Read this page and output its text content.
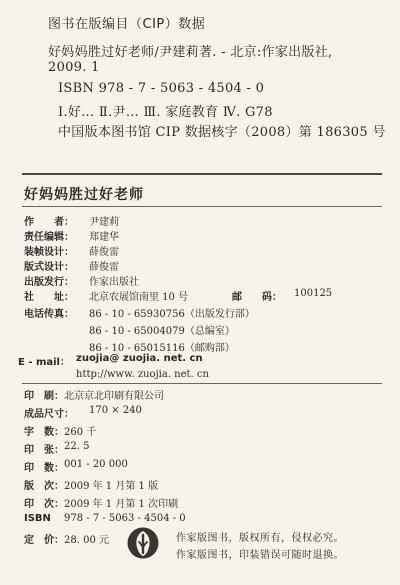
图书在版编目（CIP）数据
好妈妈胜过好老师/尹建莉著. - 北京:作家出版社,
2009. 1
ISBN 978 - 7 - 5063 - 4504 - 0
Ⅰ.好… Ⅱ.尹… Ⅲ. 家庭教育 Ⅳ. G78
中国版本图书馆 CIP 数据核字（2008）第 186305 号
好妈妈胜过好老师
作　　者： 尹建莉
责任编辑： 郑建华
装帧设计： 薛俊雷
版式设计： 薛俊雷
出版发行： 作家出版社
社　　址： 北京农展馆南里 10 号	邮　　码： 100125
电话传真： 86 - 10 - 65930756（出版发行部）
86 - 10 - 65004079（总编室）
86 - 10 - 65015116（邮购部）
E - mail： zuojia@ zuojia. net. cn
http://www. zuojia. net. cn
印　刷： 北京京北印刷有限公司
成品尺寸： 170 × 240
字　数： 260 千
印　张： 22. 5
印　数： 001 - 20 000
版　次： 2009 年 1 月第 1 版
印　次： 2009 年 1 月第 1 次印刷
ISBN 978 - 7 - 5063 - 4504 - 0
定　价： 28. 00 元	作家版图书，版权所有，侵权必究。
作家版图书，印装错误可随时退换。
